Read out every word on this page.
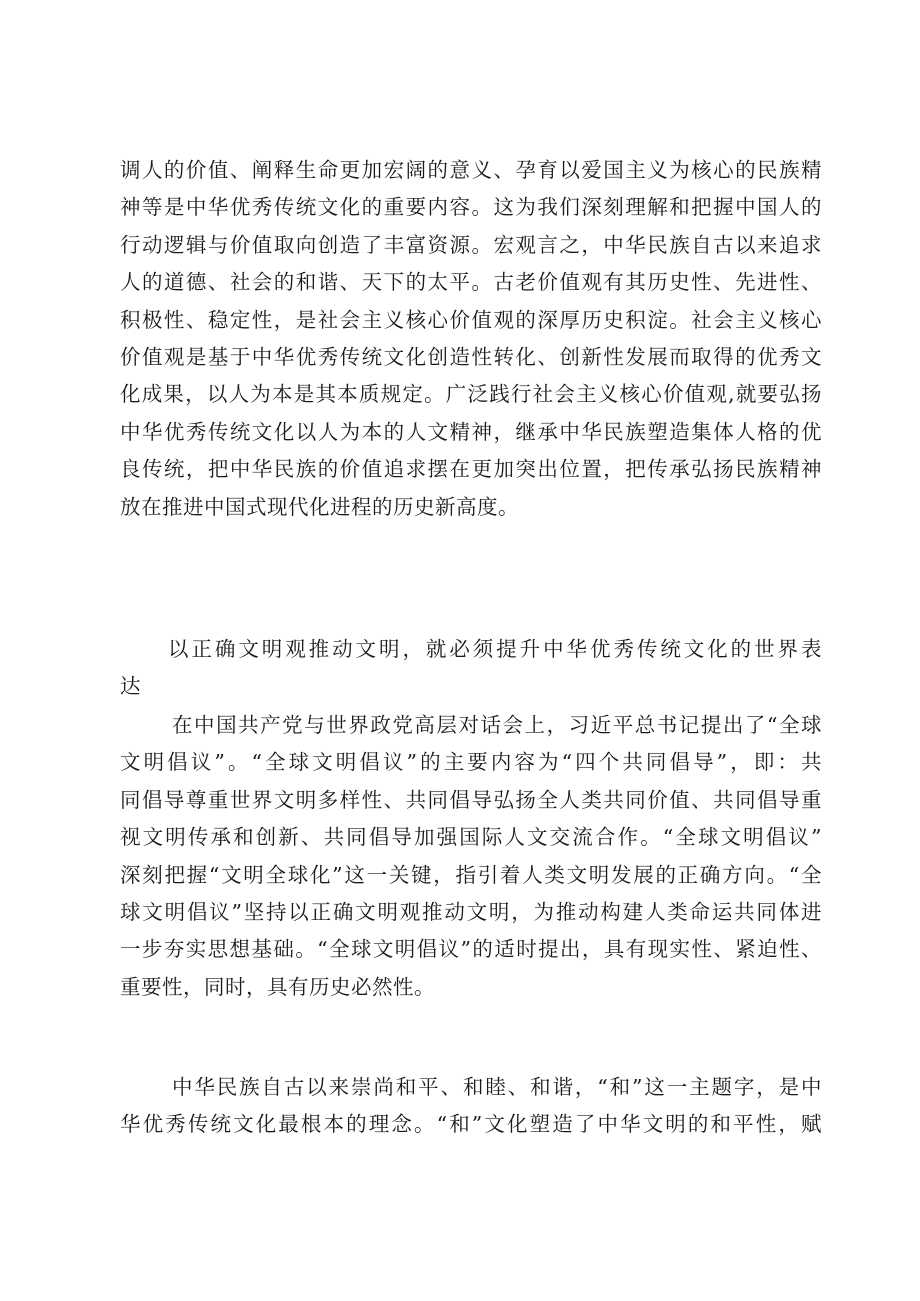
调人的价值、阐释生命更加宏阔的意义、孕育以爱国主义为核心的民族精
神等是中华优秀传统文化的重要内容。这为我们深刻理解和把握中国人的
行动逻辑与价值取向创造了丰富资源。宏观言之，中华民族自古以来追求
人的道德、社会的和谐、天下的太平。古老价值观有其历史性、先进性、
积极性、稳定性，是社会主义核心价值观的深厚历史积淀。社会主义核心
价值观是基于中华优秀传统文化创造性转化、创新性发展而取得的优秀文
化成果，以人为本是其本质规定。广泛践行社会主义核心价值观,就要弘扬
中华优秀传统文化以人为本的人文精神，继承中华民族塑造集体人格的优
良传统，把中华民族的价值追求摆在更加突出位置，把传承弘扬民族精神
放在推进中国式现代化进程的历史新高度。
以正确文明观推动文明，就必须提升中华优秀传统文化的世界表
达
在中国共产党与世界政党高层对话会上，习近平总书记提出了“全球
文明倡议”。“全球文明倡议”的主要内容为“四个共同倡导”，即：共
同倡导尊重世界文明多样性、共同倡导弘扬全人类共同价值、共同倡导重
视文明传承和创新、共同倡导加强国际人文交流合作。“全球文明倡议”
深刻把握“文明全球化”这一关键，指引着人类文明发展的正确方向。“全
球文明倡议”坚持以正确文明观推动文明，为推动构建人类命运共同体进
一步夯实思想基础。“全球文明倡议”的适时提出，具有现实性、紧迫性、
重要性，同时，具有历史必然性。
中华民族自古以来崇尚和平、和睦、和谐，“和”这一主题字，是中
华优秀传统文化最根本的理念。“和”文化塑造了中华文明的和平性，赋
